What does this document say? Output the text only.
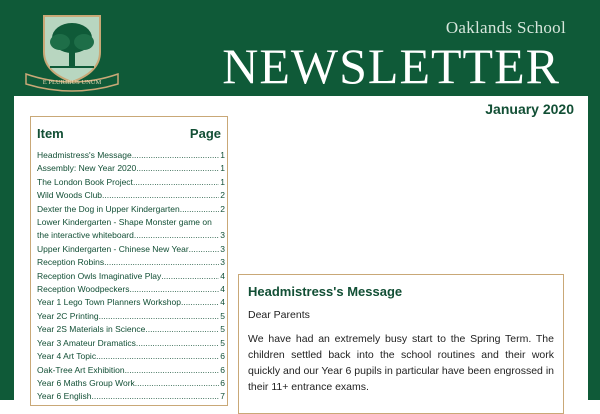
E PLURIBUS UNUM
Oaklands School
NEWSLETTER
January 2020
Item	Page
Headmistress's Message .....	1
Assembly: New Year 2020 .....	1
The London Book Project .....	1
Wild Woods Club .....	2
Dexter the Dog in Upper Kindergarten .....	2
Lower Kindergarten - Shape Monster game on
the interactive whiteboard .....	3
Upper Kindergarten - Chinese New Year .....	3
Reception Robins .....	3
Reception Owls Imaginative Play .....	4
Reception Woodpeckers .....	4
Year 1 Lego Town Planners Workshop .....	4
Year 2C Printing .....	5
Year 2S Materials in Science .....	5
Year 3 Amateur Dramatics .....	5
Year 4 Art Topic .....	6
Oak-Tree Art Exhibition .....	6
Year 6 Maths Group Work .....	6
Year 6 English .....	7
Headmistress's Message
Dear Parents

We have had an extremely busy start to the Spring Term. The children settled back into the school routines and their work quickly and our Year 6 pupils in particular have been engrossed in their 11+ entrance exams.
